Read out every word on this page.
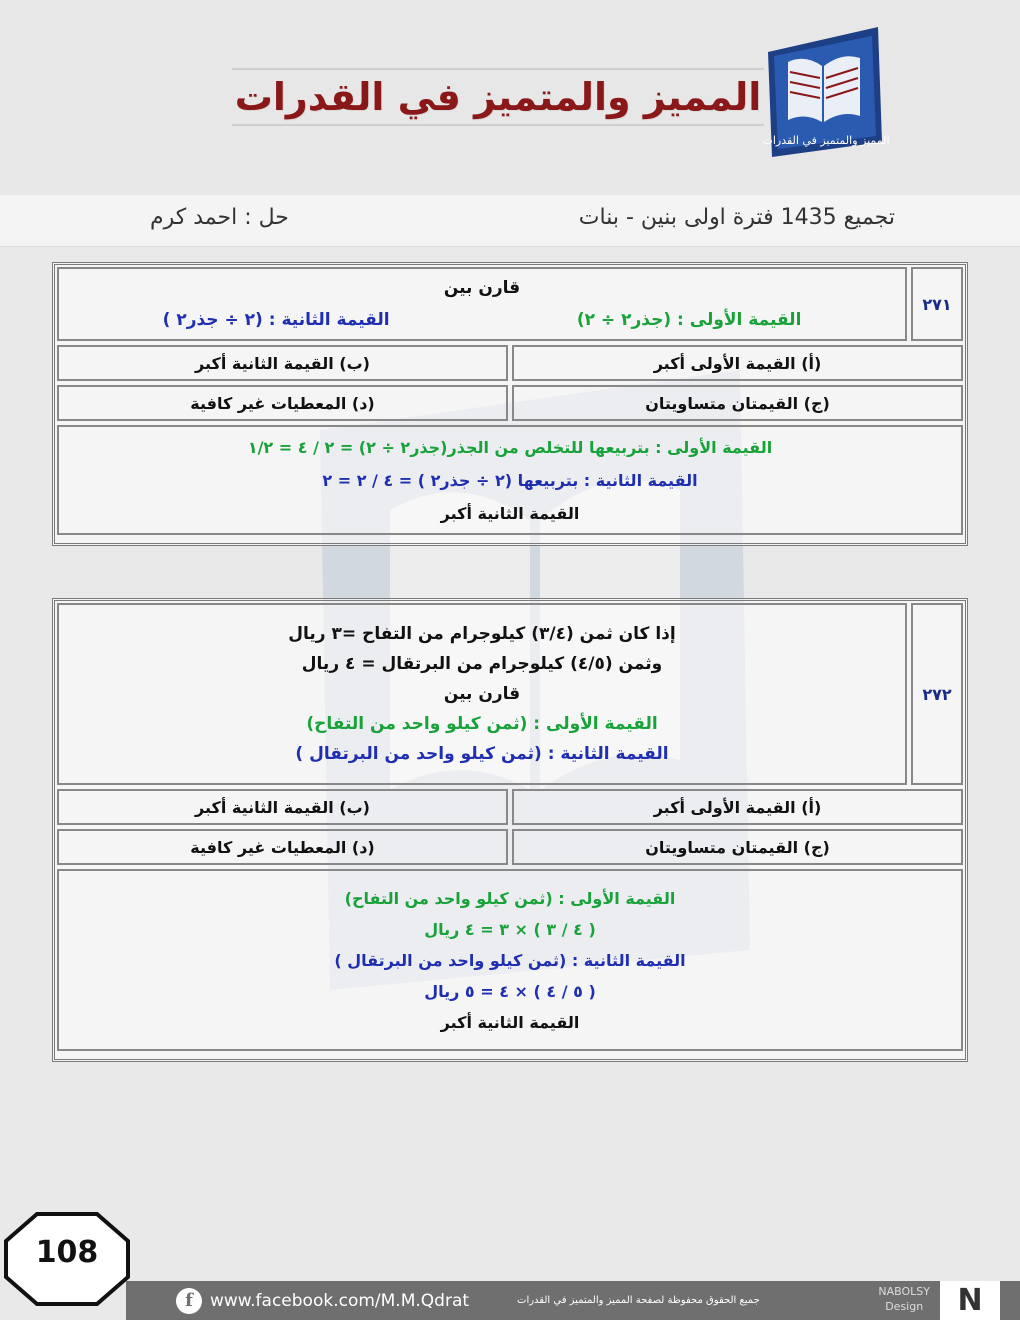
المميز والمتميز في القدرات
المميز والمتميز في القدرات
حل : احمد كرم	تجميع 1435 فترة اولى بنين - بنات
٢٧١
قارن بين
القيمة الأولى : (جذر٢ ÷ ٢)
القيمة الثانية : (٢ ÷ جذر٢ )
(أ) القيمة الأولى أكبر
(ب) القيمة الثانية أكبر
(ج) القيمتان متساويتان
(د) المعطيات غير كافية
القيمة الأولى : بتربيعها للتخلص من الجذر(جذر٢ ÷ ٢) = ٢ / ٤ = ١/٢
القيمة الثانية : بتربيعها (٢ ÷ جذر٢ ) = ٤ / ٢ = ٢
القيمة الثانية أكبر
٢٧٢
إذا كان ثمن (٣/٤) كيلوجرام من التفاح =٣ ريال
وثمن (٤/٥) كيلوجرام من البرتقال = ٤ ريال
قارن بين
القيمة الأولى : (ثمن كيلو واحد من التفاح)
القيمة الثانية : (ثمن كيلو واحد من البرتقال )
(أ) القيمة الأولى أكبر
(ب) القيمة الثانية أكبر
(ج) القيمتان متساويتان
(د) المعطيات غير كافية
القيمة الأولى : (ثمن كيلو واحد من التفاح)
( ٤ / ٣ ) × ٣ = ٤ ريال
القيمة الثانية : (ثمن كيلو واحد من البرتقال )
( ٥ / ٤ ) × ٤ = ٥ ريال
القيمة الثانية أكبر
108
f	www.facebook.com/M.M.Qdrat	جميع الحقوق محفوظة لصفحة المميز والمتميز في القدرات
NABOLSY
Design	N
